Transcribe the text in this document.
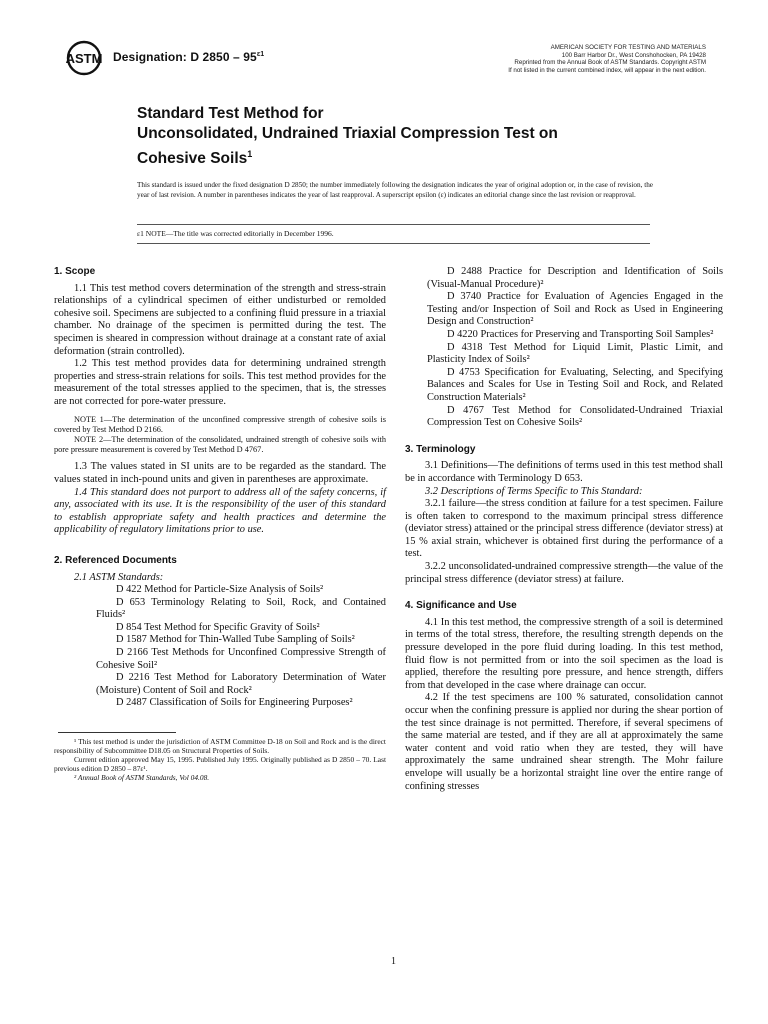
ASTM Designation: D $2850 - 95^{\varepsilon 1}$
AMERICAN SOCIETY FOR TESTING AND MATERIALS
100 Barr Harbor Dr., West Conshohocken, PA 19428
Reprinted from the Annual Book of ASTM Standards. Copyright ASTM
If not listed in the current combined index, will appear in the next edition.
Standard Test Method for
Unconsolidated, Undrained Triaxial Compression Test on
Cohesive Soils$^1$
This standard is issued under the fixed designation D 2850; the number immediately following the designation indicates the year of original adoption or, in the case of revision, the year of last revision. A number in parentheses indicates the year of last reapproval. A superscript epsilon (ε) indicates an editorial change since the last revision or reapproval.
ε1 NOTE—The title was corrected editorially in December 1996.
1. Scope

1.1 This test method covers determination of the strength and stress-strain relationships of a cylindrical specimen of either undisturbed or remolded cohesive soil. Specimens are subjected to a confining fluid pressure in a triaxial chamber. No drainage of the specimen is permitted during the test. The specimen is sheared in compression without drainage at a constant rate of axial deformation (strain controlled).

1.2 This test method provides data for determining undrained strength properties and stress-strain relations for soils. This test method provides for the measurement of the total stresses applied to the specimen, that is, the stresses are not corrected for pore-water pressure.

NOTE 1—The determination of the unconfined compressive strength of cohesive soils is covered by Test Method D 2166.

NOTE 2—The determination of the consolidated, undrained strength of cohesive soils with pore pressure measurement is covered by Test Method D 4767.

1.3 The values stated in SI units are to be regarded as the standard. The values stated in inch-pound units and given in parentheses are approximate.

1.4 This standard does not purport to address all of the safety concerns, if any, associated with its use. It is the responsibility of the user of this standard to establish appropriate safety and health practices and determine the applicability of regulatory limitations prior to use.

2. Referenced Documents

2.1 ASTM Standards:

D 422 Method for Particle-Size Analysis of Soils²

D 653 Terminology Relating to Soil, Rock, and Contained Fluids²

D 854 Test Method for Specific Gravity of Soils²

D 1587 Method for Thin-Walled Tube Sampling of Soils²

D 2166 Test Methods for Unconfined Compressive Strength of Cohesive Soil²

D 2216 Test Method for Laboratory Determination of Water (Moisture) Content of Soil and Rock²

D 2487 Classification of Soils for Engineering Purposes²

¹ This test method is under the jurisdiction of ASTM Committee D-18 on Soil and Rock and is the direct responsibility of Subcommittee D18.05 on Structural Properties of Soils.

Current edition approved May 15, 1995. Published July 1995. Originally published as D 2850 – 70. Last previous edition D 2850 – 87ε¹.

² Annual Book of ASTM Standards, Vol 04.08.

D 2488 Practice for Description and Identification of Soils (Visual-Manual Procedure)²

D 3740 Practice for Evaluation of Agencies Engaged in the Testing and/or Inspection of Soil and Rock as Used in Engineering Design and Construction²

D 4220 Practices for Preserving and Transporting Soil Samples²

D 4318 Test Method for Liquid Limit, Plastic Limit, and Plasticity Index of Soils²

D 4753 Specification for Evaluating, Selecting, and Specifying Balances and Scales for Use in Testing Soil and Rock, and Related Construction Materials²

D 4767 Test Method for Consolidated-Undrained Triaxial Compression Test on Cohesive Soils²

3. Terminology

3.1 Definitions—The definitions of terms used in this test method shall be in accordance with Terminology D 653.

3.2 Descriptions of Terms Specific to This Standard:

3.2.1 failure—the stress condition at failure for a test specimen. Failure is often taken to correspond to the maximum principal stress difference (deviator stress) attained or the principal stress difference (deviator stress) at 15 % axial strain, whichever is obtained first during the performance of a test.

3.2.2 unconsolidated-undrained compressive strength—the value of the principal stress difference (deviator stress) at failure.

4. Significance and Use

4.1 In this test method, the compressive strength of a soil is determined in terms of the total stress, therefore, the resulting strength depends on the pressure developed in the pore fluid during loading. In this test method, fluid flow is not permitted from or into the soil specimen as the load is applied, therefore the resulting pore pressure, and hence strength, differs from that developed in the case where drainage can occur.

4.2 If the test specimens are 100 % saturated, consolidation cannot occur when the confining pressure is applied nor during the shear portion of the test since drainage is not permitted. Therefore, if several specimens of the same material are tested, and if they are all at approximately the same water content and void ratio when they are tested, they will have approximately the same undrained shear strength. The Mohr failure envelope will usually be a horizontal straight line over the entire range of confining stresses

1
